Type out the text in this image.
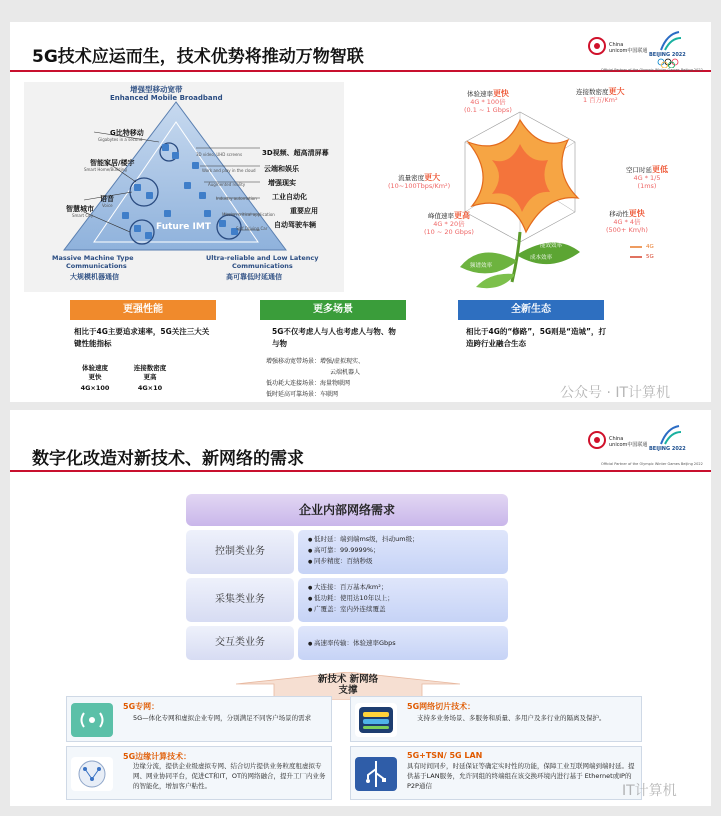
5G技术应运而生，技术优势将推动万物智联
China
unicom中国联通
BEIJING 2022
Official Partner of the Olympic Winter Games Beijing 2022
增强型移动宽带
Enhanced Mobile Broadband
G比特移动
Gigabytes in a second
智能家居/楼宇
Smart Home/Building
语音
Voice
智慧城市
Smart City
Future IMT
Massive Machine Type
Communications
大规模机器通信
Ultra-reliable and Low Latency
Communications
高可靠低时延通信
3D video, UHD screens	3D视频、超高清屏幕
Work and play in the cloud 云端和娱乐
Augmented reality	增强现实
Industry automation 工业自动化
Mission critical application 重要应用
Self Driving Car 自动驾驶车辆
体验速率更快
4G * 100倍
(0.1 ~ 1 Gbps)
连接数密度更大
1 百万/Km²
流量密度更大
(10~100Tbps/Km²)
空口时延更低
4G * 1/5
(1ms)
峰值速率更高
4G * 20倍
(10 ~ 20 Gbps)
移动性更快
4G * 4倍
(500+ Km/h)
频谱效率
能效效率
成本效率
4G
5G
更强性能	更多场景	全新生态
相比于4G主要追求速率，5G关注三大关键性能指标
体验速度
更快
4G×100
连接数密度
更高
4G×10
5G不仅考虑人与人也考虑人与物、物与物
增强移动宽带场景：增强/虚拟现实、
云端机器人
低功耗大连接场景：海量物联网
低时延高可靠场景：车联网
相比于4G的“修路”，5G则是“造城”，打造跨行业融合生态
公众号 · IT计算机
数字化改造对新技术、新网络的需求
China
unicom中国联通
BEIJING 2022
Official Partner of the Olympic Winter Games Beijing 2022
企业内部网络需求
控制类业务
● 低时延：端到端ms级，抖动um级；
● 高可靠：99.9999%；
● 同步精度：百纳秒级
采集类业务
● 大连接：百万基本/km²；
● 低功耗：使用达10年以上；
● 广覆盖：室内外连续覆盖
交互类业务
●	高速率传输：体验速率Gbps
新技术 新网络
支撑
5G专网：
5G—体化专网和虚拟企业专网，分别满足不同客户场景的需求
5G网络切片技术：
支持多业务场景、多服务和质量、多用户及多行业的隔离及保护。
5G边缘计算技术：
边缘分流，提供企业级虚拟专网、结合切片提供业务粒度租虚拟专网、网业协同平台，促进CT和IT，OT的网络融合，提升工厂内业务的智能化，增加客户粘性。
5G+TSN/ 5G LAN
具有时间同步，时延保证等确定实时性的功能，保障工业互联网端到端时延。提供基于LAN服务，允许同组的终端组在该交换环境内进行基于 Ethernet或IP的P2P通信	IT计算机
